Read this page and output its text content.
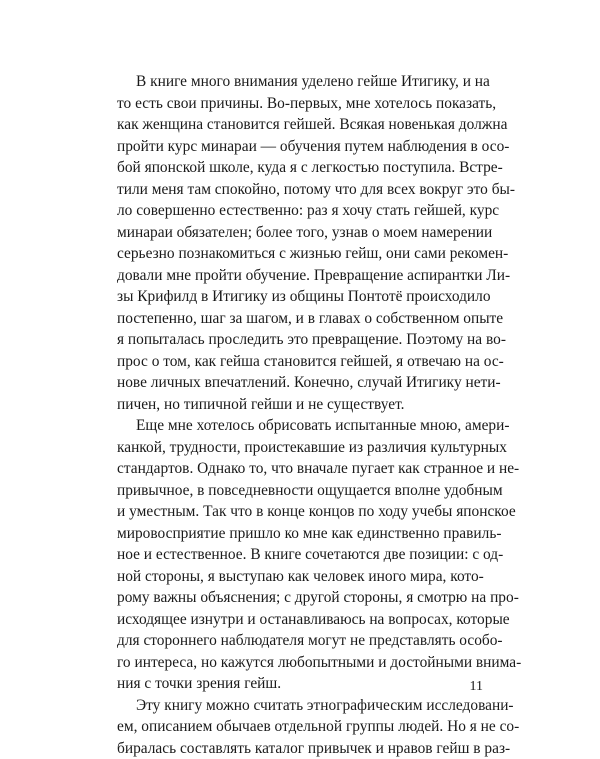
В книге много внимания уделено гейше Итигику, и на
то есть свои причины. Во-первых, мне хотелось показать,
как женщина становится гейшей. Всякая новенькая должна
пройти курс минараи — обучения путем наблюдения в осо-
бой японской школе, куда я с легкостью поступила. Встре-
тили меня там спокойно, потому что для всех вокруг это бы-
ло совершенно естественно: раз я хочу стать гейшей, курс
минараи обязателен; более того, узнав о моем намерении
серьезно познакомиться с жизнью гейш, они сами рекомен-
довали мне пройти обучение. Превращение аспирантки Ли-
зы Крифилд в Итигику из общины Понтотё происходило
постепенно, шаг за шагом, и в главах о собственном опыте
я попыталась проследить это превращение. Поэтому на во-
прос о том, как гейша становится гейшей, я отвечаю на ос-
нове личных впечатлений. Конечно, случай Итигику нети-
пичен, но типичной гейши и не существует.
Еще мне хотелось обрисовать испытанные мною, амери-
канкой, трудности, проистекавшие из различия культурных
стандартов. Однако то, что вначале пугает как странное и не-
привычное, в повседневности ощущается вполне удобным
и уместным. Так что в конце концов по ходу учебы японское
мировосприятие пришло ко мне как единственно правиль-
ное и естественное. В книге сочетаются две позиции: с од-
ной стороны, я выступаю как человек иного мира, кото-
рому важны объяснения; с другой стороны, я смотрю на про-
исходящее изнутри и останавливаюсь на вопросах, которые
для стороннего наблюдателя могут не представлять особо-
го интереса, но кажутся любопытными и достойными внима-
ния с точки зрения гейш.
Эту книгу можно считать этнографическим исследовани-
ем, описанием обычаев отдельной группы людей. Но я не со-
биралась составлять каталог привычек и нравов гейш в раз-
11
